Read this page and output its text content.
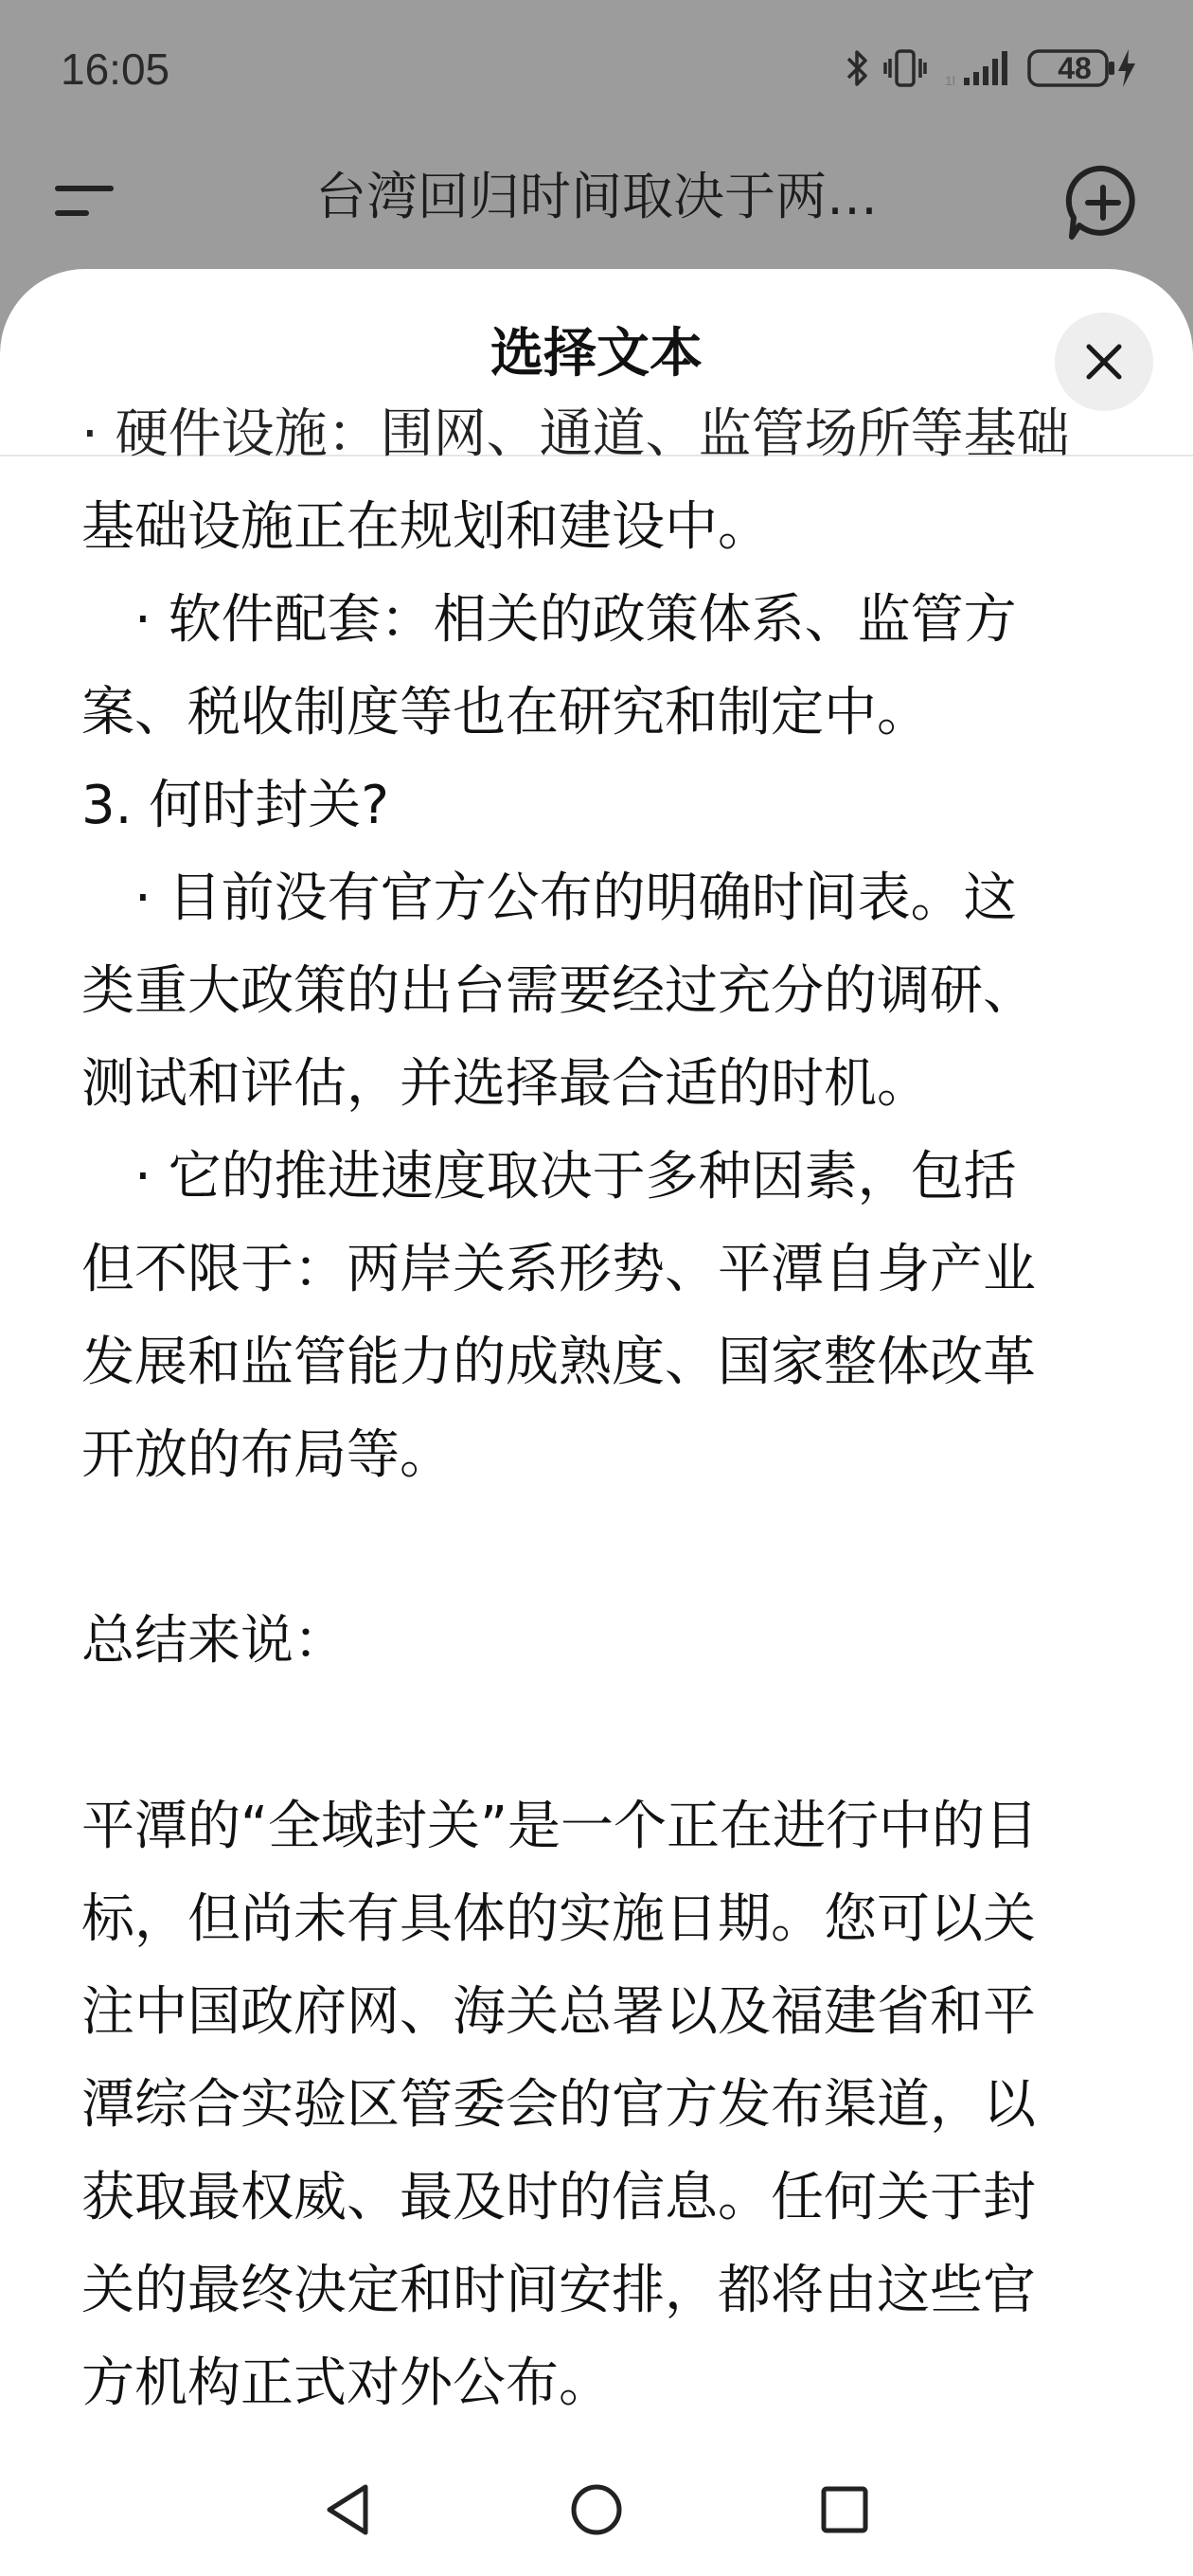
16:05	1l	48
台湾回归时间取决于两…
选择文本
· 硬件设施：围网、通道、监管场所等基础

基础设施正在规划和建设中。

· 软件配套：相关的政策体系、监管方

案、税收制度等也在研究和制定中。

3. 何时封关?

· 目前没有官方公布的明确时间表。这

类重大政策的出台需要经过充分的调研、

测试和评估，并选择最合适的时机。

· 它的推进速度取决于多种因素，包括

但不限于：两岸关系形势、平潭自身产业

发展和监管能力的成熟度、国家整体改革

开放的布局等。

总结来说：

平潭的“全域封关”是一个正在进行中的目

标，但尚未有具体的实施日期。您可以关

注中国政府网、海关总署以及福建省和平

潭综合实验区管委会的官方发布渠道，以

获取最权威、最及时的信息。任何关于封

关的最终决定和时间安排，都将由这些官

方机构正式对外公布。
